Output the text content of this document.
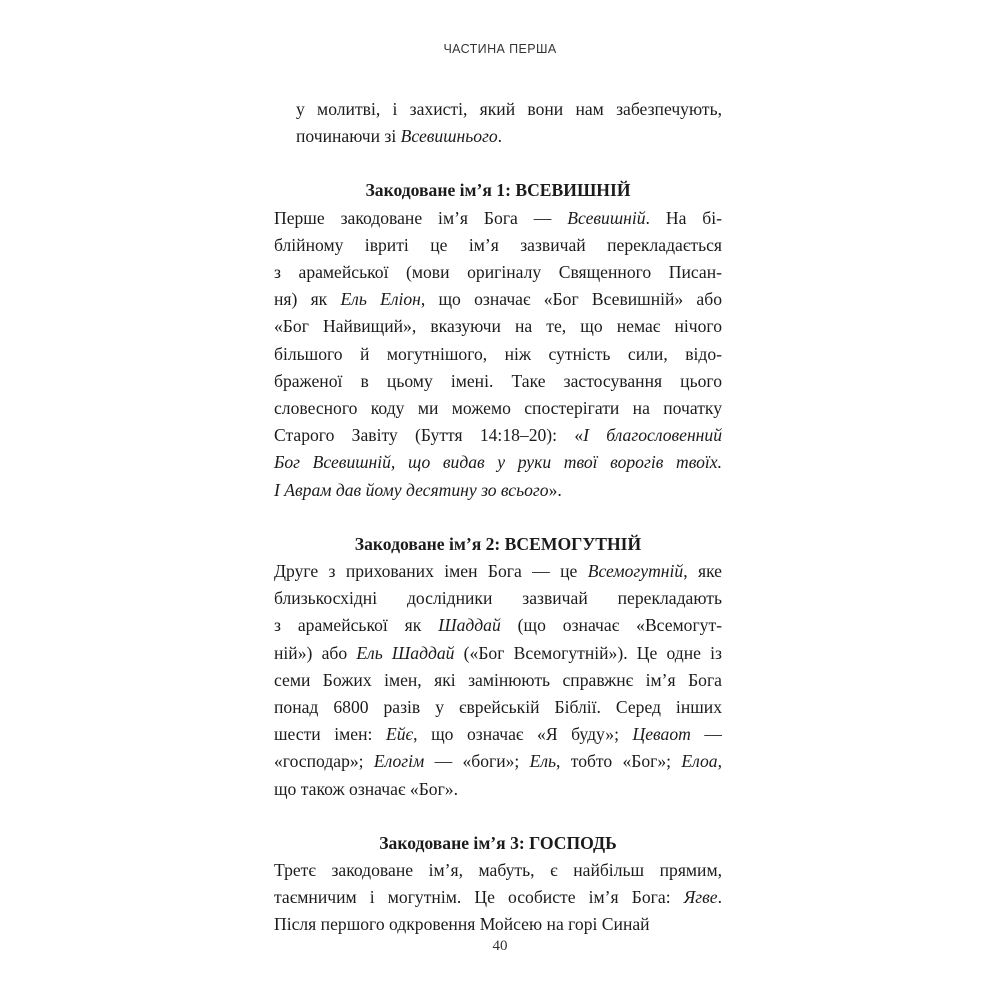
ЧАСТИНА ПЕРША
у молитві, і захисті, який вони нам забезпечують,
починаючи зі Всевишнього.
Закодоване ім’я 1: ВСЕВИШНІЙ
Перше закодоване ім’я Бога — Всевишній. На бі-
блійному івриті це ім’я зазвичай перекладається
з арамейської (мови оригіналу Священного Писан-
ня) як Ель Еліон, що означає «Бог Всевишній» або
«Бог Найвищий», вказуючи на те, що немає нічого
більшого й могутнішого, ніж сутність сили, відо-
браженої в цьому імені. Таке застосування цього
словесного коду ми можемо спостерігати на початку
Старого Завіту (Буття 14:18–20): «І благословенний
Бог Всевишній, що видав у руки твої ворогів твоїх.
І Аврам дав йому десятину зо всього».
Закодоване ім’я 2: ВСЕМОГУТНІЙ
Друге з прихованих імен Бога — це Всемогутній, яке
близькосхідні дослідники зазвичай перекладають
з арамейської як Шаддай (що означає «Всемогут-
ній») або Ель Шаддай («Бог Всемогутній»). Це одне із
семи Божих імен, які замінюють справжнє ім’я Бога
понад 6800 разів у єврейській Біблії. Серед інших
шести імен: Ейє, що означає «Я буду»; Цеваот —
«господар»; Елогім — «боги»; Ель, тобто «Бог»; Елоа,
що також означає «Бог».
Закодоване ім’я 3: ГОСПОДЬ
Третє закодоване ім’я, мабуть, є найбільш прямим,
таємничим і могутнім. Це особисте ім’я Бога: Ягве.
Після першого одкровення Мойсею на горі Синай
40
